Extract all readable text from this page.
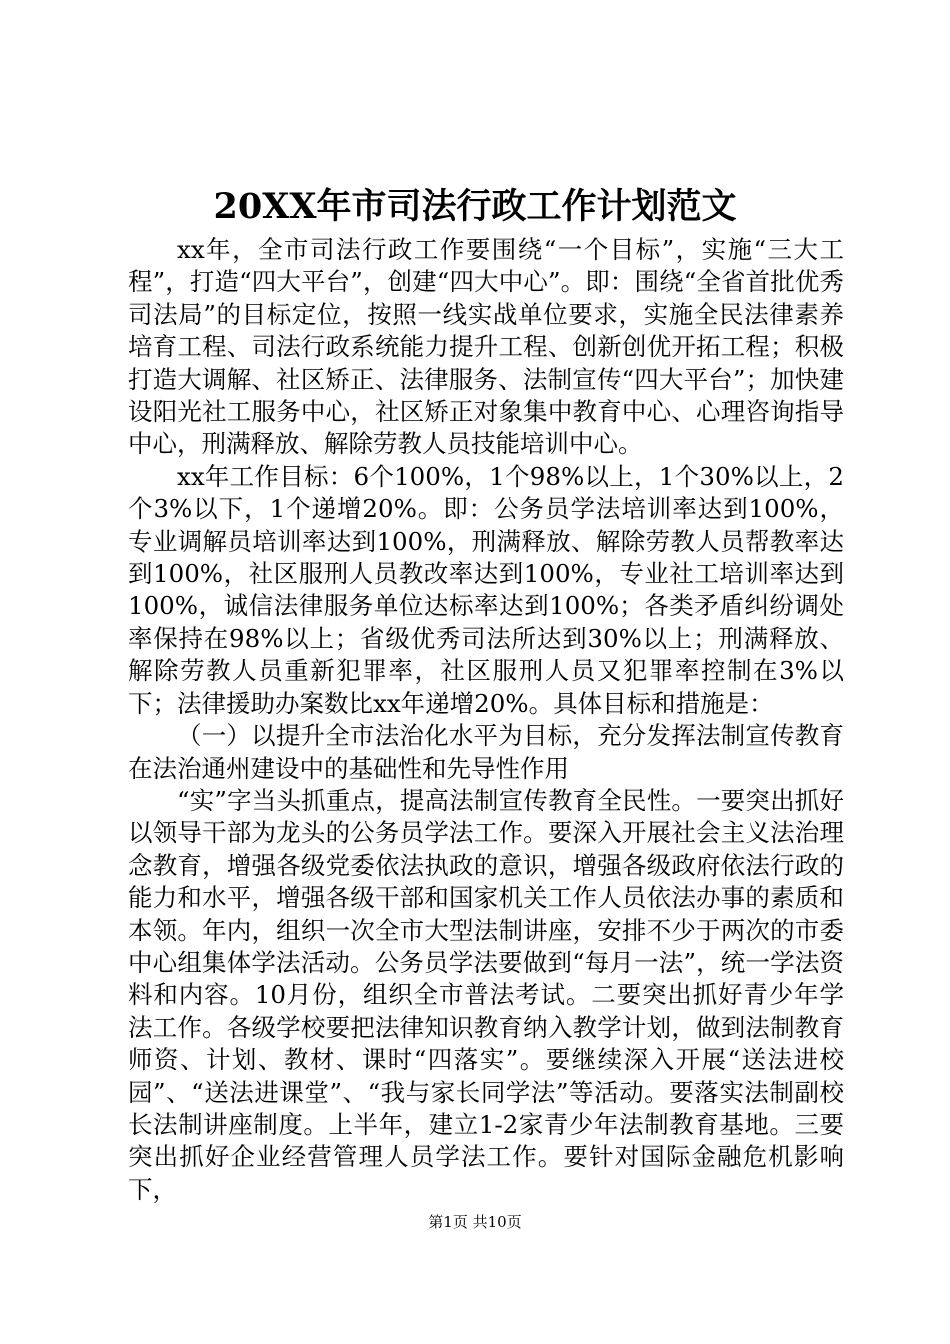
20XX年市司法行政工作计划范文

xx年，全市司法行政工作要围绕“一个目标”，实施“三大工程”，打造“四大平台”，创建“四大中心”。即：围绕“全省首批优秀司法局”的目标定位，按照一线实战单位要求，实施全民法律素养培育工程、司法行政系统能力提升工程、创新创优开拓工程；积极打造大调解、社区矫正、法律服务、法制宣传“四大平台”；加快建设阳光社工服务中心，社区矫正对象集中教育中心、心理咨询指导中心，刑满释放、解除劳教人员技能培训中心。

xx年工作目标：6个100%，1个98%以上，1个30%以上，2个3%以下，1个递增20%。即：公务员学法培训率达到100%，专业调解员培训率达到100%，刑满释放、解除劳教人员帮教率达到100%，社区服刑人员教改率达到100%，专业社工培训率达到100%，诚信法律服务单位达标率达到100%；各类矛盾纠纷调处率保持在98%以上；省级优秀司法所达到30%以上；刑满释放、解除劳教人员重新犯罪率，社区服刑人员又犯罪率控制在3%以下；法律援助办案数比xx年递增20%。具体目标和措施是：

（一）以提升全市法治化水平为目标，充分发挥法制宣传教育在法治通州建设中的基础性和先导性作用

“实”字当头抓重点，提高法制宣传教育全民性。一要突出抓好以领导干部为龙头的公务员学法工作。要深入开展社会主义法治理念教育，增强各级党委依法执政的意识，增强各级政府依法行政的能力和水平，增强各级干部和国家机关工作人员依法办事的素质和本领。年内，组织一次全市大型法制讲座，安排不少于两次的市委中心组集体学法活动。公务员学法要做到“每月一法”，统一学法资料和内容。10月份，组织全市普法考试。二要突出抓好青少年学法工作。各级学校要把法律知识教育纳入教学计划，做到法制教育师资、计划、教材、课时“四落实”。要继续深入开展“送法进校园”、“送法进课堂”、“我与家长同学法”等活动。要落实法制副校长法制讲座制度。上半年，建立1-2家青少年法制教育基地。三要突出抓好企业经营管理人员学法工作。要针对国际金融危机影响下，

第1页 共10页
